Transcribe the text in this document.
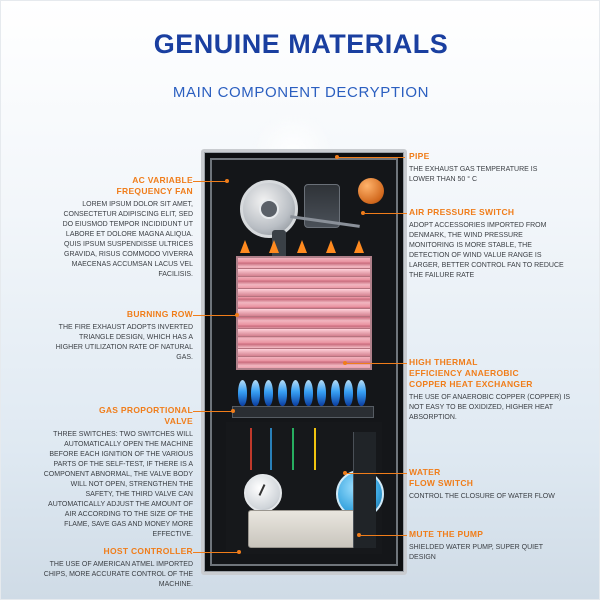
GENUINE MATERIALS
MAIN COMPONENT DECRYPTION
AC VARIABLE
FREQUENCY FAN
LOREM IPSUM DOLOR SIT AMET, CONSECTETUR ADIPISCING ELIT, SED DO EIUSMOD TEMPOR INCIDIDUNT UT LABORE ET DOLORE MAGNA ALIQUA. QUIS IPSUM SUSPENDISSE ULTRICES GRAVIDA, RISUS COMMODO VIVERRA MAECENAS ACCUMSAN LACUS VEL FACILISIS.
BURNING ROW
THE FIRE EXHAUST ADOPTS INVERTED TRIANGLE DESIGN, WHICH HAS A HIGHER UTILIZATION RATE OF NATURAL GAS.
GAS PROPORTIONAL
VALVE
THREE SWITCHES: TWO SWITCHES WILL AUTOMATICALLY OPEN THE MACHINE BEFORE EACH IGNITION OF THE VARIOUS PARTS OF THE SELF-TEST, IF THERE IS A COMPONENT ABNORMAL, THE VALVE BODY WILL NOT OPEN, STRENGTHEN THE SAFETY, THE THIRD VALVE CAN AUTOMATICALLY ADJUST THE AMOUNT OF AIR ACCORDING TO THE SIZE OF THE FLAME, SAVE GAS AND MONEY MORE EFFECTIVE.
HOST CONTROLLER
THE USE OF AMERICAN ATMEL IMPORTED CHIPS, MORE ACCURATE CONTROL OF THE MACHINE.
PIPE
THE EXHAUST GAS TEMPERATURE IS LOWER THAN 50 ° C
AIR PRESSURE SWITCH
ADOPT ACCESSORIES IMPORTED FROM DENMARK, THE WIND PRESSURE MONITORING IS MORE STABLE, THE DETECTION OF WIND VALUE RANGE IS LARGER, BETTER CONTROL FAN TO REDUCE THE FAILURE RATE
HIGH THERMAL
EFFICIENCY ANAEROBIC
COPPER HEAT EXCHANGER
THE USE OF ANAEROBIC COPPER (COPPER) IS NOT EASY TO BE OXIDIZED, HIGHER HEAT ABSORPTION.
WATER
FLOW SWITCH
CONTROL THE CLOSURE OF WATER FLOW
MUTE THE PUMP
SHIELDED WATER PUMP, SUPER QUIET DESIGN
